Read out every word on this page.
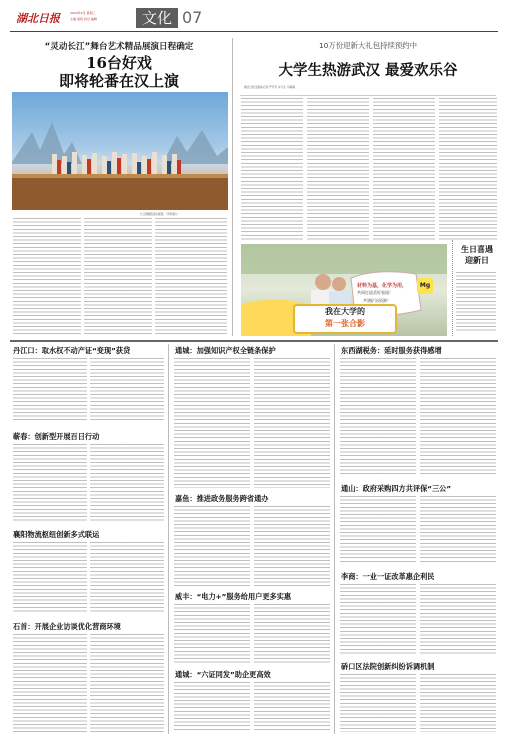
湖北日报	2024年4月 星期三
主编 值班 校对 编辑	文化 07
“灵动长江”舞台艺术精品展演日程确定
16台好戏
即将轮番在汉上演
长江歌剧院演出剧照。（资料图片）
10万份迎新大礼包持续预约中
大学生热游武汉 最爱欢乐谷
湖北日报全媒体记者 严芳禾 实习生 马蓉蓉
生日喜遇
迎新日
材料为基，化学为用，
共同打造美好家园！
共建矿冶资源！
Mg
我在大学的
第一张合影
丹江口：取水权不动产证“变现”获贷
蕲春：创新型开展百日行动
襄阳物流枢纽创新多式联运
石首：开展企业访谈优化营商环境
通城：加强知识产权全链条保护
嘉鱼：推进政务服务跨省通办
威丰：“电力+”服务给用户更多实惠
通城：“六证同发”助企更高效
东西湖税务：延时服务获得感增
通山：政府采购四方共评保“三公”
李商：一业一证改革惠企利民
硚口区法院创新纠纷诉调机制
